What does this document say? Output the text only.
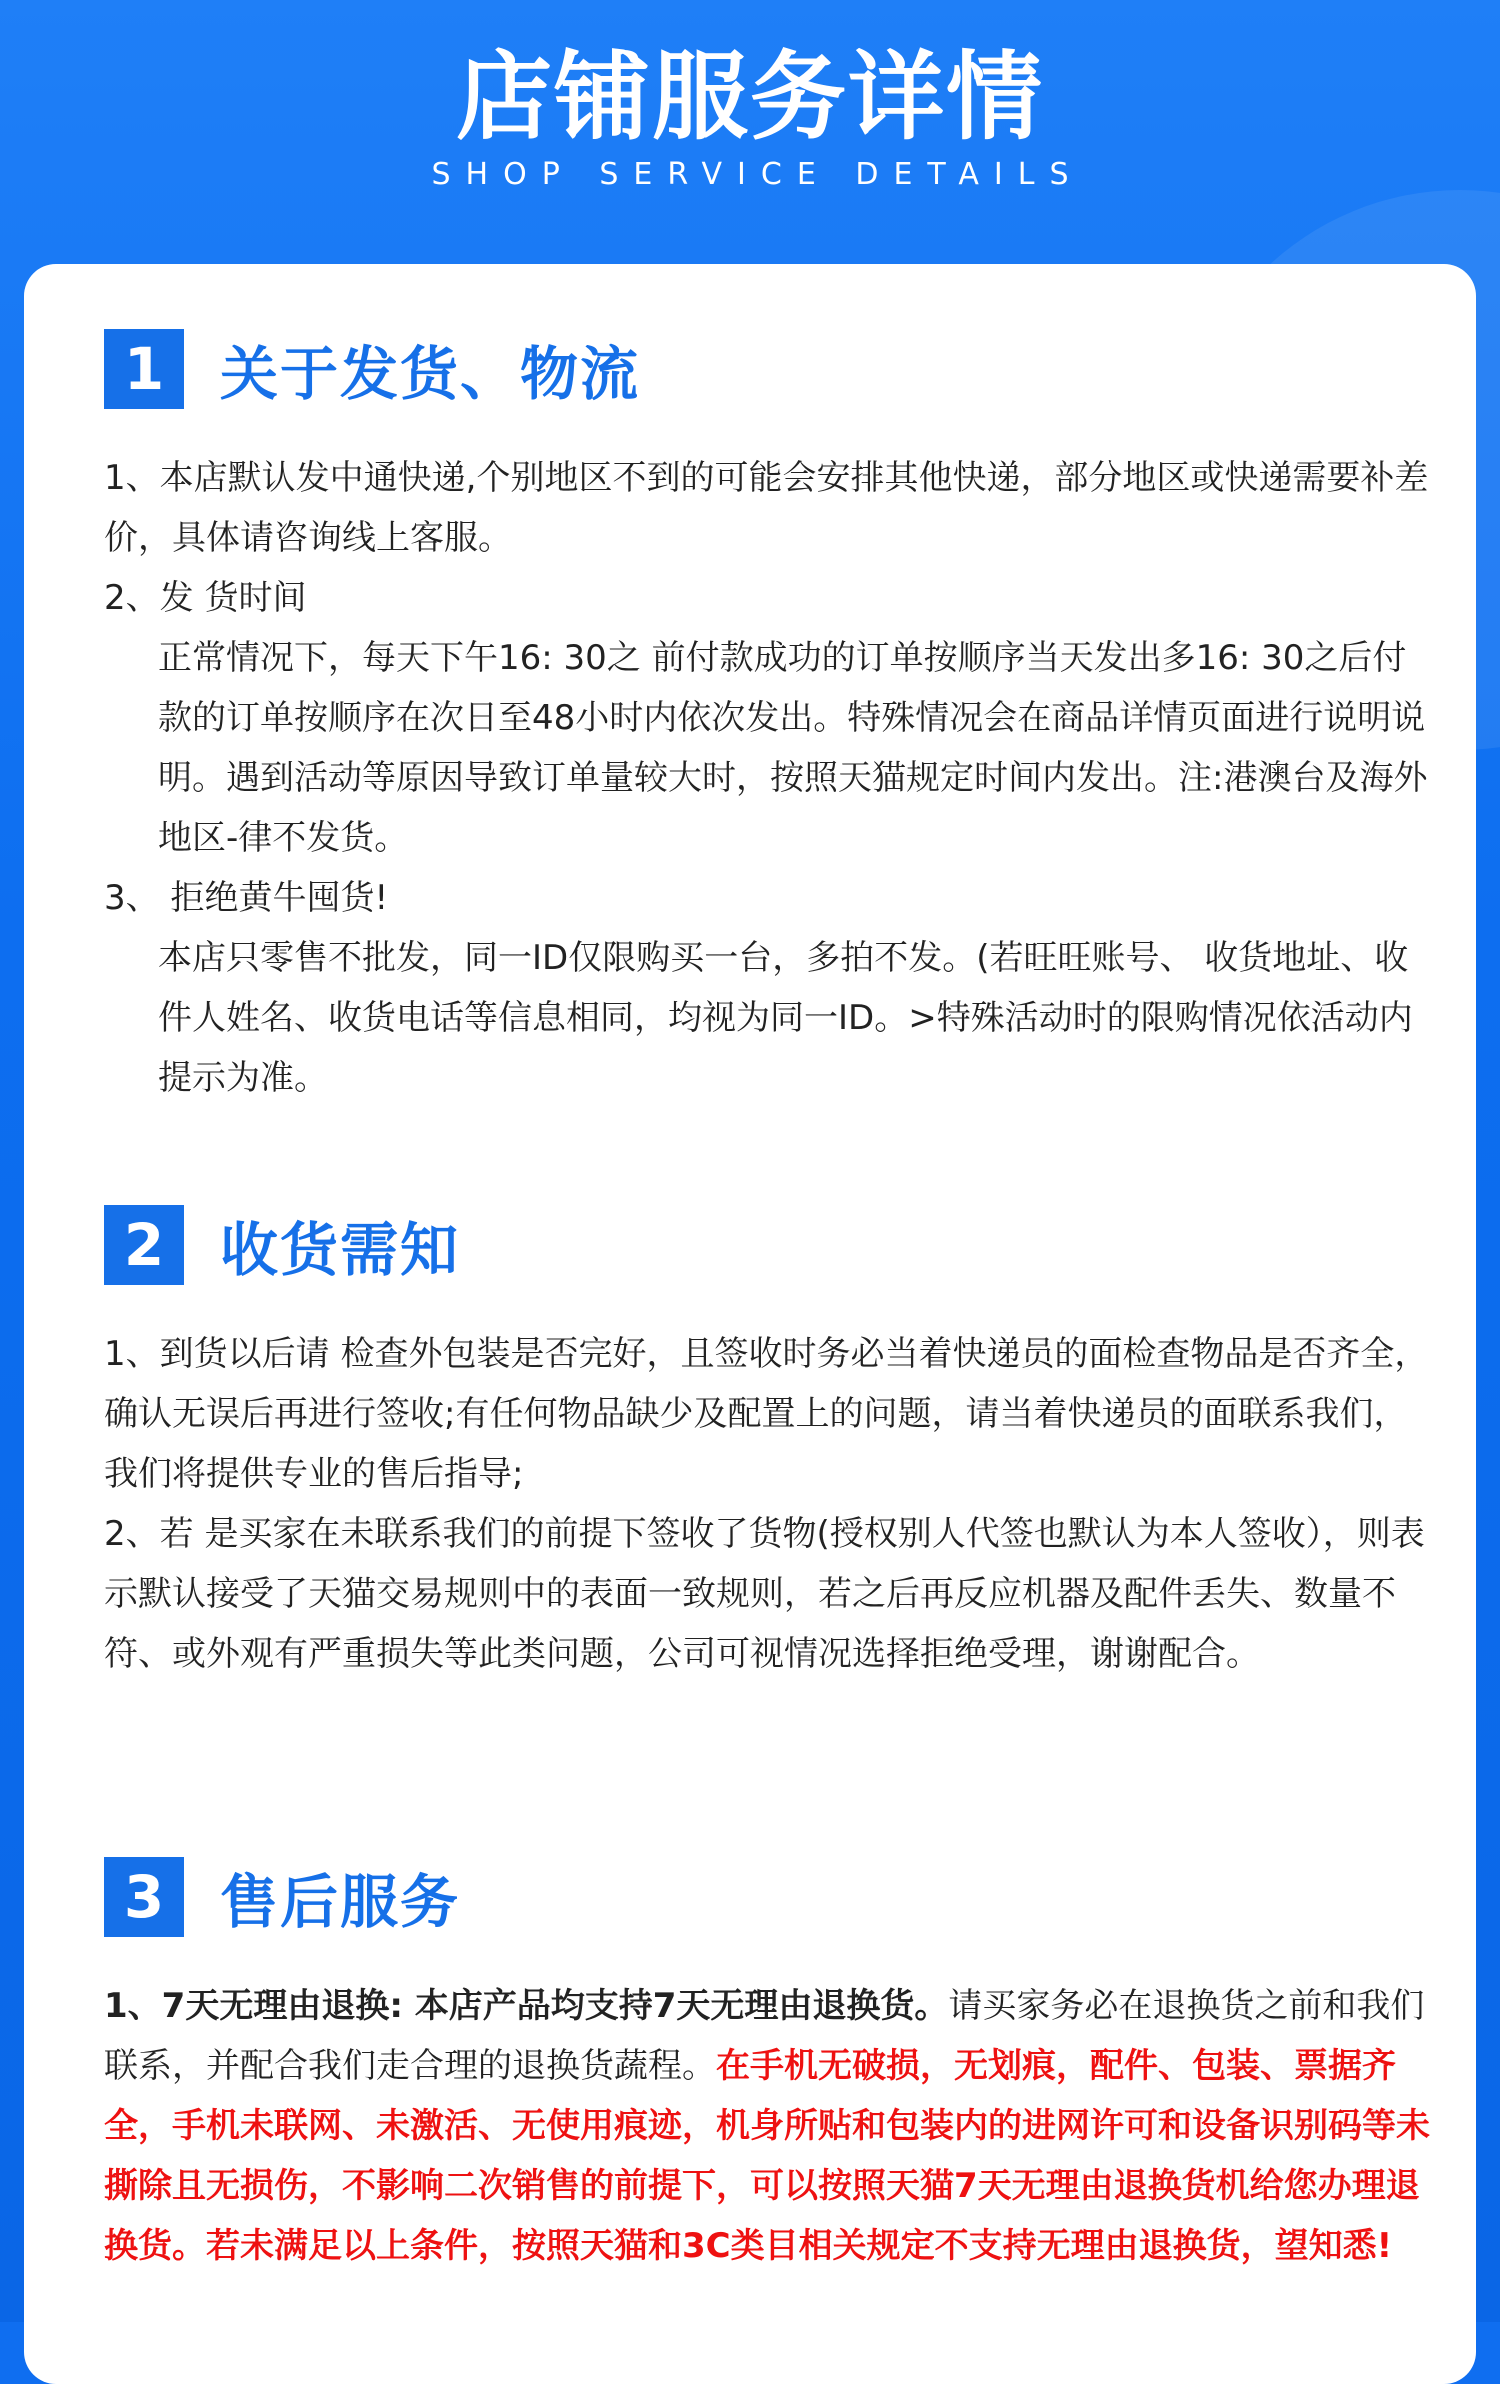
店铺服务详情
SHOP SERVICE DETAILS
1 关于发货、物流

1、本店默认发中通快递,个别地区不到的可能会安排其他快递，部分地区或快递需要补差价，具体请咨询线上客服。

2、发 货时间

正常情况下，每天下午16: 30之 前付款成功的订单按顺序当天发出多16: 30之后付款的订单按顺序在次日至48小时内依次发出。特殊情况会在商品详情页面进行说明说明。遇到活动等原因导致订单量较大时，按照天猫规定时间内发出。注:港澳台及海外地区-律不发货。

3、 拒绝黄牛囤货!

本店只零售不批发，同一ID仅限购买一台，多拍不发。(若旺旺账号、 收货地址、收件人姓名、收货电话等信息相同，均视为同一ID。>特殊活动时的限购情况依活动内提示为准。

2 收货需知

1、到货以后请 检查外包装是否完好，且签收时务必当着快递员的面检查物品是否齐全，确认无误后再进行签收;有任何物品缺少及配置上的问题，请当着快递员的面联系我们，我们将提供专业的售后指导;

2、若 是买家在未联系我们的前提下签收了货物(授权别人代签也默认为本人签收），则表示默认接受了天猫交易规则中的表面一致规则，若之后再反应机器及配件丢失、数量不符、或外观有严重损失等此类问题，公司可视情况选择拒绝受理，谢谢配合。

3 售后服务

1、7天无理由退换: 本店产品均支持7天无理由退换货。请买家务必在退换货之前和我们联系，并配合我们走合理的退换货蔬程。在手机无破损，无划痕，配件、包装、票据齐全，手机未联网、未激活、无使用痕迹，机身所贴和包装内的进网许可和设备识别码等未撕除且无损伤，不影响二次销售的前提下，可以按照天猫7天无理由退换货机给您办理退换货。若未满足以上条件，按照天猫和3C类目相关规定不支持无理由退换货，望知悉!
